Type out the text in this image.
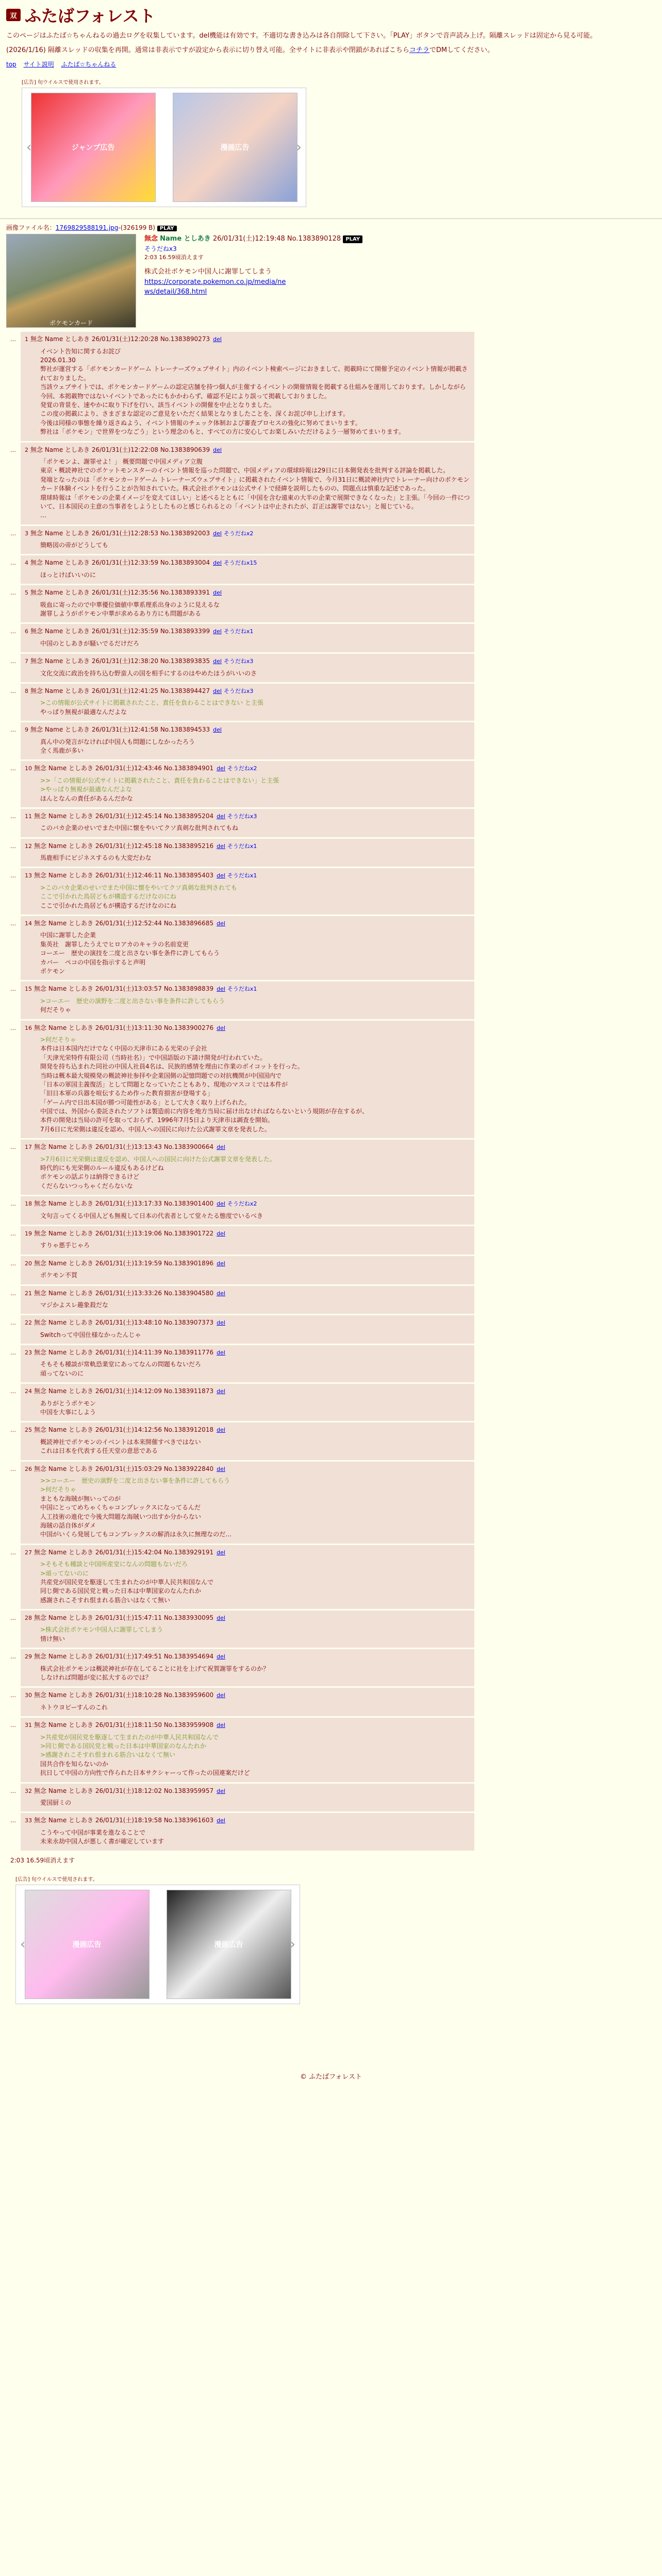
双 ふたばフォレスト
このページはふたば☆ちゃんねるの過去ログを収集しています。del機能は有効です。不適切な書き込みは各自削除して下さい。「PLAY」ボタンで音声読み上げ。隔離スレッドは固定から見る可能。
(2026/1/16) 隔離スレッドの収集を再開。通常は非表示ですが設定から表示に切り替え可能。全サイトに非表示や閉鎖があればこちらコチラでDMしてください。
top サイト説明 ふたば☆ちゃんねる
[広告] 旬ウイルスで使用されます。
‹	ジャンプ広告	漫画広告	›
画像ファイル名：1769829588191.jpg-(326199 B) PLAY
ポケモンカード
無念 Name としあき 26/01/31(土)12:19:48 No.1383890128 PLAY
そうだねx3
2:03 16.59頃消えます
株式会社ポケモン中国人に謝罪してしまう
https://corporate.pokemon.co.jp/media/news/detail/368.html
…	1 無念 Name としあき 26/01/31(土)12:20:28 No.1383890273 del
イベント告知に関するお詫び
2026.01.30
弊社が運営する「ポケモンカードゲーム トレーナーズウェブサイト」内のイベント検索ページにおきまして、掲載時にて開催予定のイベント情報が掲載されておりました。
当該ウェブサイトでは、ポケモンカードゲームの認定店舗を持つ個人が主催するイベントの開催情報を掲載する仕組みを運用しております。しかしながら今回、本掲載物ではないイベントであったにもかかわらず、確認不足により誤って掲載しておりました。
発覚の背景を、速やかに取り下げを行い、該当イベントの開催を中止となりました。
この度の掲載により、さまざまな認定のご意見をいただく結果となりましたことを、深くお詫び申し上げます。
今後は同様の事態を繰り返さぬよう、イベント情報のチェック体制および審査プロセスの強化に努めてまいります。
弊社は「ポケモン」で世界をつなごう」という理念のもと、すべての方に安心してお楽しみいただけるよう一層努めてまいります。
…	2 無念 Name としあき 26/01/31(土)12:22:08 No.1383890639 del
「ポケモンよ、謝罪せよ！」 概要問題で中国メディア立腹
東京・概読神社でのポケットモンスターのイベント情報を巡った問題で、中国メディアの環球時報は29日に日本側発表を批判する評論を掲載した。
発端となったのは「ポケモンカードゲーム トレーナーズウェブサイト」に掲載されたイベント情報で、今月31日に概読神社内でトレーナー向けのポケモンカード体験イベントを行うことが告知されていた。株式会社ポケモンは公式サイトで経緯を説明したものの、問題点は慎重な記述であった。
環球時報は「ポケモンの企業イメージを変えてほしい」と述べるとともに「中国を含む遠東の大半の企業で展開できなくなった」と主張。「今回の一件について、日本国民の主意の当事者をしようとしたものと感じられるとの「イベントは中止されたが、訂正は謝罪ではない」と報じている。
…
…	3 無念 Name としあき 26/01/31(土)12:28:53 No.1383892003 del そうだねx2
簡略図の帝がどうしても
…	4 無念 Name としあき 26/01/31(土)12:33:59 No.1383893004 del そうだねx15
ほっとけばいいのに
…	5 無念 Name としあき 26/01/31(土)12:35:56 No.1383893391 del
吸血に寄ったので中華優位価値中華系理系出身のように見えるな
謝罪しようがポケモン中華が求めるあり方にも問題がある
…	6 無念 Name としあき 26/01/31(土)12:35:59 No.1383893399 del そうだねx1
中国のとしあきが騒いでるだけだろ
…	7 無念 Name としあき 26/01/31(土)12:38:20 No.1383893835 del そうだねx3
文化交流に政治を持ち込む野蛮人の国を相手にするのはやめたほうがいいのさ
…	8 無念 Name としあき 26/01/31(土)12:41:25 No.1383894427 del そうだねx3
>この情報が公式サイトに掲載されたこと、責任を負わることはできない と主張
やっぱり無視が最適なんだよな
…	9 無念 Name としあき 26/01/31(土)12:41:58 No.1383894533 del
真ん中の発言がなければ中国人も問題にしなかったろう
全く馬鹿が多い
…	10 無念 Name としあき 26/01/31(土)12:43:46 No.1383894901 del そうだねx2
>>「この情報が公式サイトに掲載されたこと、責任を負わることはできない」と主張
>やっぱり無視が最適なんだよな
ほんとなんの責任があるんだかな
…	11 無念 Name としあき 26/01/31(土)12:45:14 No.1383895204 del そうだねx3
このバカ企業のせいでまた中国に懐をやいてクソ真剣な批判されてもね
…	12 無念 Name としあき 26/01/31(土)12:45:18 No.1383895216 del そうだねx1
馬鹿相手にビジネスするのも大変だわな
…	13 無念 Name としあき 26/01/31(土)12:46:11 No.1383895403 del そうだねx1
>このバカ企業のせいでまた中国に懐をやいてクソ真剣な批判されても
ここで引かれた鳥居どもが構造するだけなのにね
ここで引かれた鳥居どもが構造するだけなのにね
…	14 無念 Name としあき 26/01/31(土)12:52:44 No.1383896685 del
中国に謝罪した企業
集英社　謝罪したうえでヒロアカのキャラの名前変更
コーエー　歴史の演技を二度と出さない事を条件に許してもらう
カバー　ペコの中国を指示すると声明
ポケモン
…	15 無念 Name としあき 26/01/31(土)13:03:57 No.1383898839 del そうだねx1
>コーエー　歴史の演野を二度と出さない事を条件に許してもらう
何だそりゃ
…	16 無念 Name としあき 26/01/31(土)13:11:30 No.1383900276 del
>何だそりゃ
本件は日本国内だけでなく中国の天津市にある光栄の子会社
「天津光栄特件有限公司（当時社名）」で中国語版の下請け開発が行われていた。
開発を持ち込まれた同社の中国人社員4名は、民族的感情を理由に作業のボイコットを行った。
当時は概本最大規模発の概読神社参拝や企業国側の記憶問題での対抗機関が中国国内で
「日本の軍国主義復活」として問題となっていたこともあり、現地のマスコミでは本件が
「旧日本軍の兵器を喧伝するため作った教育損害が登場する」
「ゲーム内で日出本国が勝つ可能性がある」として大きく取り上げられた。
中国では、外国から委託されたソフトは製造前に内容を地方当局に届け出なければならないという規則が存在するが、
本件の開発は当局の許可を取っておらず、1996年7月5日より天津市は調査を開始。
7月6日に光栄側は違反を認め、中国人への国民に向けた公式謝罪文章を発表した。
…	17 無念 Name としあき 26/01/31(土)13:13:43 No.1383900664 del
>7月6日に光栄側は違反を認め、中国人への国民に向けた公式謝罪文章を発表した。
時代的にも光栄側のルール違反もあるけどね
ポケモンの話ぶりは納得できるけど
くだらないつっちゃくだらないな
…	18 無念 Name としあき 26/01/31(土)13:17:33 No.1383901400 del そうだねx2
文句言ってくる中国人ども無視して日本の代表者として堂々たる態度でいるべき
…	19 無念 Name としあき 26/01/31(土)13:19:06 No.1383901722 del
すりゃ悪手じゃろ
…	20 無念 Name としあき 26/01/31(土)13:19:59 No.1383901896 del
ポケモン不買
…	21 無念 Name としあき 26/01/31(土)13:33:26 No.1383904580 del
マジかよスレ趣象殺だな
…	22 無念 Name としあき 26/01/31(土)13:48:10 No.1383907373 del
Switchって中国仕様なかったんじゃ
…	23 無念 Name としあき 26/01/31(土)14:11:39 No.1383911776 del
そもそも種談が常軌恐業堂にあってなんの問題もないだろ
頑ってないのに
…	24 無念 Name としあき 26/01/31(土)14:12:09 No.1383911873 del
ありがとうポケモン
中国を大事にしよう
…	25 無念 Name としあき 26/01/31(土)14:12:56 No.1383912018 del
概読神社でポケモンのイベントは本来開催すべきではない
これは日本を代表する任天堂の意思である
…	26 無念 Name としあき 26/01/31(土)15:03:29 No.1383922840 del
>>コーエー　歴史の演野を二度と出さない事を条件に許してもらう
>何だそりゃ
まともな海賊が無いってのが
中国にとってめちゃくちゃコンプレックスになってるんだ
人工技術の進化で今後大問題な海賊いつ出すか分からない
海賊の話自体がダメ
中国がいくら発展してもコンプレックスの解消は永久に無理なのだ…
…	27 無念 Name としあき 26/01/31(土)15:42:04 No.1383929191 del
>そもそも種談と中国所産堂になんの問題もないだろ
>頑ってないのに
共産党が国民党を駆逐して生まれたのが中華人民共和国なんで
同じ側である国民党と戦った日本は中華国家のなんたれか
感謝されこそすれ恨まれる筋合いはなくて無い
…	28 無念 Name としあき 26/01/31(土)15:47:11 No.1383930095 del
>株式会社ポケモン中国人に謝罪してしまう
情け無い
…	29 無念 Name としあき 26/01/31(土)17:49:51 No.1383954694 del
株式会社ポケモンは概読神社が存在してることに社を上げて祝賀謝罪をするのか？
しなければ問題が変に拡大するのでは？
…	30 無念 Name としあき 26/01/31(土)18:10:28 No.1383959600 del
ネトウヨビーすんのこれ
…	31 無念 Name としあき 26/01/31(土)18:11:50 No.1383959908 del
>共産党が国民党を駆逐して生まれたのが中華人民共和国なんで
>同じ側である国民党と戦った日本は中華国家のなんたれか
>感謝されこそすれ恨まれる筋合いはなくて無い
国共合作を知らないのか
抗日して中国の方向性で作られた日本サクシャーって作ったの国連案だけど
…	32 無念 Name としあき 26/01/31(土)18:12:02 No.1383959957 del
愛国厨ミの
…	33 無念 Name としあき 26/01/31(土)18:19:58 No.1383961603 del
こうやって中国が事業を進なることで
未来永劫中国人が悪しく書が確定しています
2:03 16.59頃消えます
[広告] 旬ウイルスで使用されます。
‹	漫画広告	漫画広告	›
© ふたばフォレスト
